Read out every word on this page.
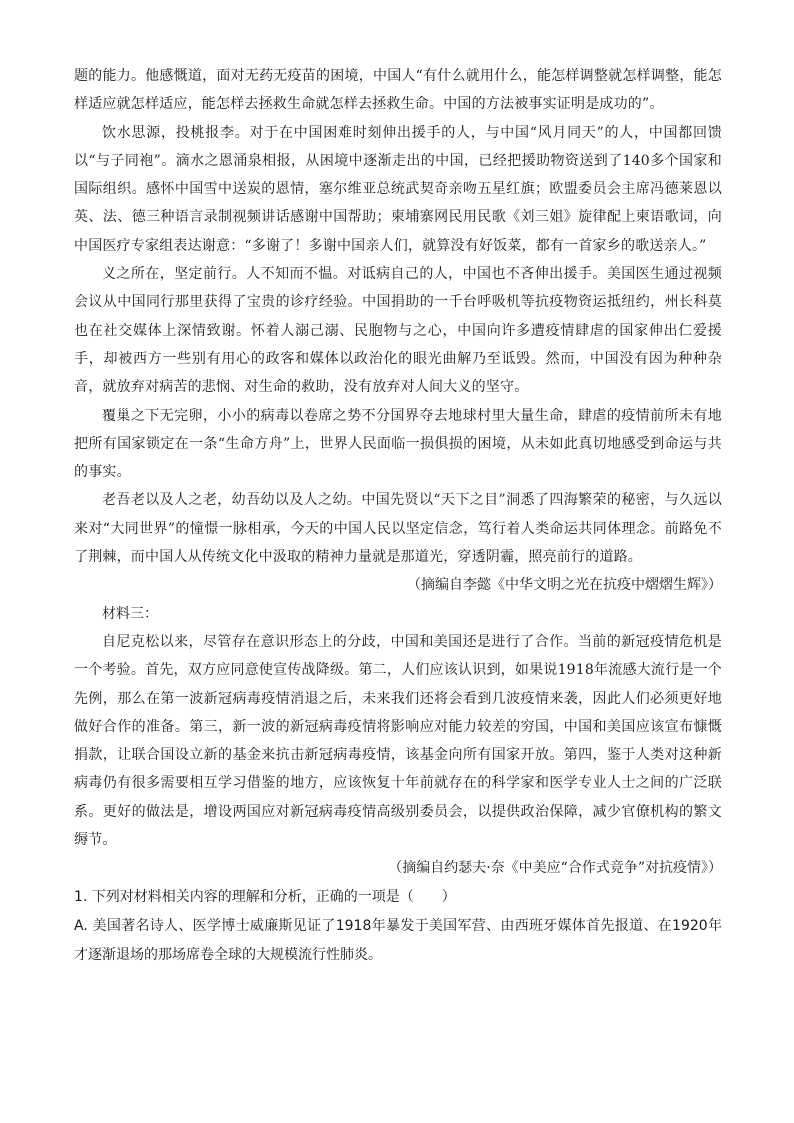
题的能力。他感慨道，面对无药无疫苗的困境，中国人“有什么就用什么，能怎样调整就怎样调整，能怎样适应就怎样适应，能怎样去拯救生命就怎样去拯救生命。中国的方法被事实证明是成功的”。

饮水思源，投桃报李。对于在中国困难时刻伸出援手的人，与中国“风月同天”的人，中国都回馈以“与子同袍”。滴水之恩涌泉相报，从困境中逐渐走出的中国，已经把援助物资送到了140多个国家和国际组织。感怀中国雪中送炭的恩情，塞尔维亚总统武契奇亲吻五星红旗；欧盟委员会主席冯德莱恩以英、法、德三种语言录制视频讲话感谢中国帮助；柬埔寨网民用民歌《刘三姐》旋律配上柬语歌词，向中国医疗专家组表达谢意：“多谢了！多谢中国亲人们，就算没有好饭菜，都有一首家乡的歌送亲人。”

义之所在，坚定前行。人不知而不愠。对诋病自己的人，中国也不吝伸出援手。美国医生通过视频会议从中国同行那里获得了宝贵的诊疗经验。中国捐助的一千台呼吸机等抗疫物资运抵纽约，州长科莫也在社交媒体上深情致谢。怀着人溺己溺、民胞物与之心，中国向许多遭疫情肆虐的国家伸出仁爱援手，却被西方一些别有用心的政客和媒体以政治化的眼光曲解乃至诋毁。然而，中国没有因为种种杂音，就放弃对病苦的悲悯、对生命的救助，没有放弃对人间大义的坚守。

覆巢之下无完卵，小小的病毒以卷席之势不分国界夺去地球村里大量生命，肆虐的疫情前所未有地把所有国家锁定在一条“生命方舟”上，世界人民面临一损俱损的困境，从未如此真切地感受到命运与共的事实。

老吾老以及人之老，幼吾幼以及人之幼。中国先贤以“天下之目”洞悉了四海繁荣的秘密，与久远以来对“大同世界”的憧憬一脉相承，今天的中国人民以坚定信念，笃行着人类命运共同体理念。前路免不了荆棘，而中国人从传统文化中汲取的精神力量就是那道光，穿透阴霾，照亮前行的道路。

（摘编自李懿《中华文明之光在抗疫中熠熠生辉》）

材料三：

自尼克松以来，尽管存在意识形态上的分歧，中国和美国还是进行了合作。当前的新冠疫情危机是一个考验。首先，双方应同意使宣传战降级。第二，人们应该认识到，如果说1918年流感大流行是一个先例，那么在第一波新冠病毒疫情消退之后，未来我们还将会看到几波疫情来袭，因此人们必须更好地做好合作的准备。第三，新一波的新冠病毒疫情将影响应对能力较差的穷国，中国和美国应该宣布慷慨捐款，让联合国设立新的基金来抗击新冠病毒疫情，该基金向所有国家开放。第四，鉴于人类对这种新病毒仍有很多需要相互学习借鉴的地方，应该恢复十年前就存在的科学家和医学专业人士之间的广泛联系。更好的做法是，增设两国应对新冠病毒疫情高级别委员会，以提供政治保障，减少官僚机构的繁文缛节。

（摘编自约瑟夫·奈《中美应“合作式竞争”对抗疫情》）

1. 下列对材料相关内容的理解和分析，正确的一项是（　　）

A. 美国著名诗人、医学博士威廉斯见证了1918年暴发于美国军营、由西班牙媒体首先报道、在1920年才逐渐退场的那场席卷全球的大规模流行性肺炎。
